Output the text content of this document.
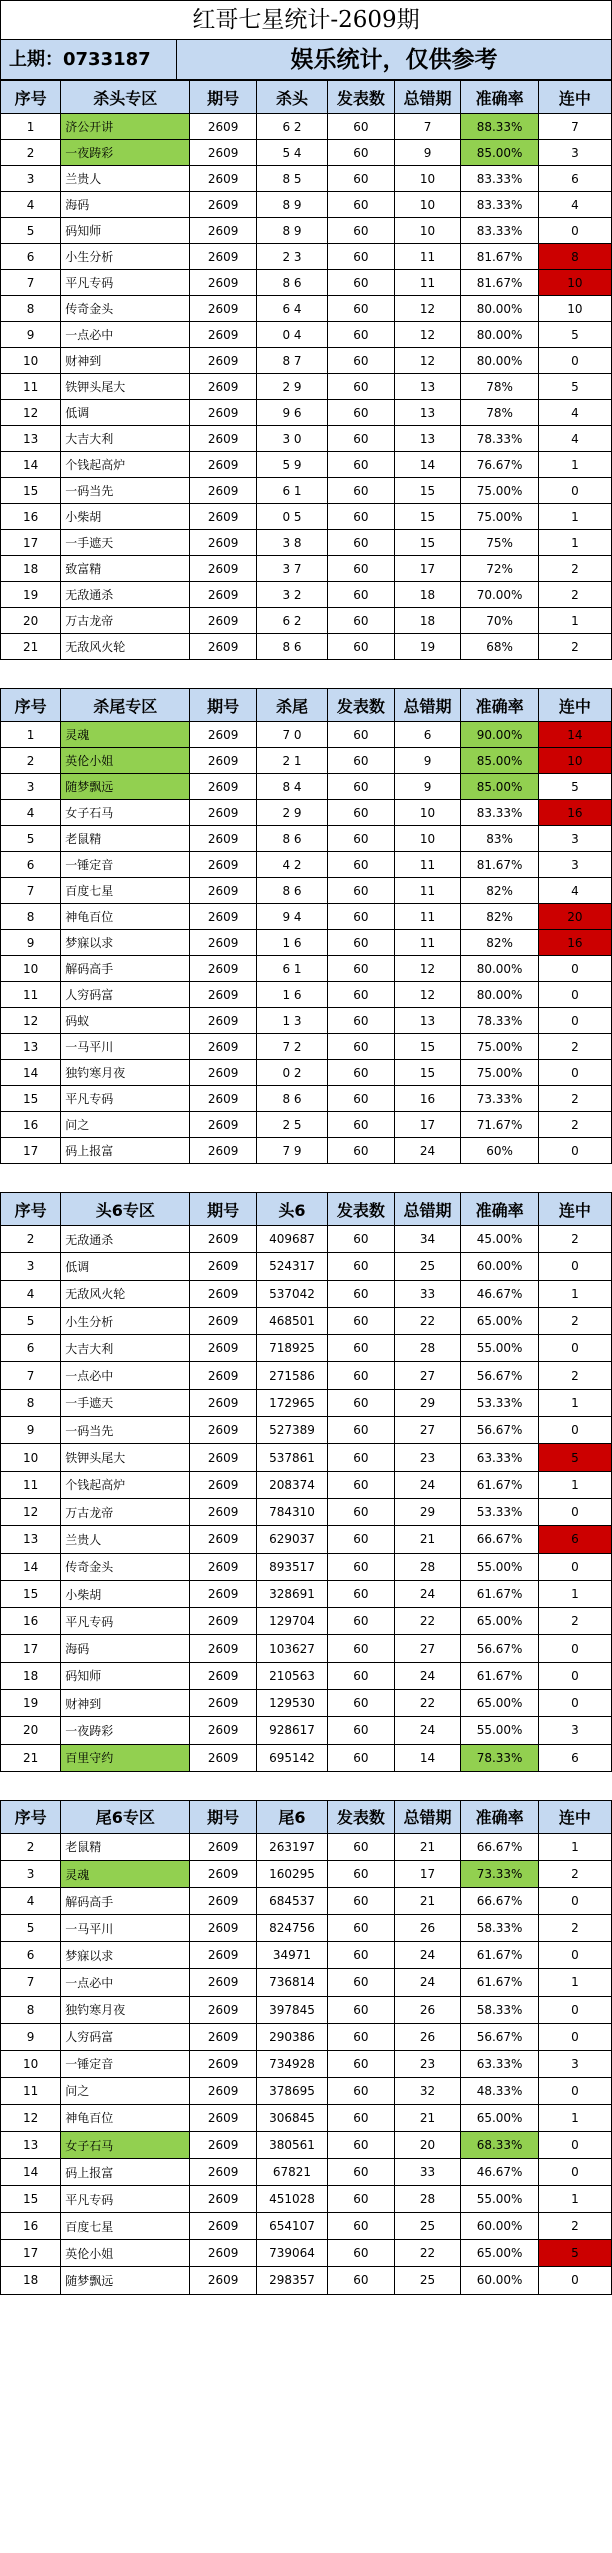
红哥七星统计-2609期
上期：0733187	娱乐统计，仅供参考
序号	杀头专区	期号	杀头	发表数	总错期	准确率	连中
1	济公开讲	2609	6 2	60	7	88.33%	7
2	一夜踌彩	2609	5 4	60	9	85.00%	3
3	兰贵人	2609	8 5	60	10	83.33%	6
4	海码	2609	8 9	60	10	83.33%	4
5	码知师	2609	8 9	60	10	83.33%	0
6	小生分析	2609	2 3	60	11	81.67%	8
7	平凡专码	2609	8 6	60	11	81.67%	10
8	传奇金头	2609	6 4	60	12	80.00%	10
9	一点必中	2609	0 4	60	12	80.00%	5
10	财神到	2609	8 7	60	12	80.00%	0
11	铁钾头尾大	2609	2 9	60	13	78%	5
12	低调	2609	9 6	60	13	78%	4
13	大吉大利	2609	3 0	60	13	78.33%	4
14	个钱起高炉	2609	5 9	60	14	76.67%	1
15	一码当先	2609	6 1	60	15	75.00%	0
16	小柴胡	2609	0 5	60	15	75.00%	1
17	一手遮天	2609	3 8	60	15	75%	1
18	致富精	2609	3 7	60	17	72%	2
19	无敌通杀	2609	3 2	60	18	70.00%	2
20	万古龙帝	2609	6 2	60	18	70%	1
21	无敌风火轮	2609	8 6	60	19	68%	2
序号	杀尾专区	期号	杀尾	发表数	总错期	准确率	连中
1	灵魂	2609	7 0	60	6	90.00%	14
2	英伦小姐	2609	2 1	60	9	85.00%	10
3	随梦飘远	2609	8 4	60	9	85.00%	5
4	女子石马	2609	2 9	60	10	83.33%	16
5	老鼠精	2609	8 6	60	10	83%	3
6	一锤定音	2609	4 2	60	11	81.67%	3
7	百度七星	2609	8 6	60	11	82%	4
8	神龟百位	2609	9 4	60	11	82%	20
9	梦寐以求	2609	1 6	60	11	82%	16
10	解码高手	2609	6 1	60	12	80.00%	0
11	人穷码富	2609	1 6	60	12	80.00%	0
12	码蚁	2609	1 3	60	13	78.33%	0
13	一马平川	2609	7 2	60	15	75.00%	2
14	独钓寒月夜	2609	0 2	60	15	75.00%	0
15	平凡专码	2609	8 6	60	16	73.33%	2
16	问之	2609	2 5	60	17	71.67%	2
17	码上报富	2609	7 9	60	24	60%	0
序号	头6专区	期号	头6	发表数	总错期	准确率	连中
2	无敌通杀	2609	409687	60	34	45.00%	2
3	低调	2609	524317	60	25	60.00%	0
4	无敌风火轮	2609	537042	60	33	46.67%	1
5	小生分析	2609	468501	60	22	65.00%	2
6	大吉大利	2609	718925	60	28	55.00%	0
7	一点必中	2609	271586	60	27	56.67%	2
8	一手遮天	2609	172965	60	29	53.33%	1
9	一码当先	2609	527389	60	27	56.67%	0
10	铁钾头尾大	2609	537861	60	23	63.33%	5
11	个钱起高炉	2609	208374	60	24	61.67%	1
12	万古龙帝	2609	784310	60	29	53.33%	0
13	兰贵人	2609	629037	60	21	66.67%	6
14	传奇金头	2609	893517	60	28	55.00%	0
15	小柴胡	2609	328691	60	24	61.67%	1
16	平凡专码	2609	129704	60	22	65.00%	2
17	海码	2609	103627	60	27	56.67%	0
18	码知师	2609	210563	60	24	61.67%	0
19	财神到	2609	129530	60	22	65.00%	0
20	一夜踌彩	2609	928617	60	24	55.00%	3
21	百里守约	2609	695142	60	14	78.33%	6
序号	尾6专区	期号	尾6	发表数	总错期	准确率	连中
2	老鼠精	2609	263197	60	21	66.67%	1
3	灵魂	2609	160295	60	17	73.33%	2
4	解码高手	2609	684537	60	21	66.67%	0
5	一马平川	2609	824756	60	26	58.33%	2
6	梦寐以求	2609	34971	60	24	61.67%	0
7	一点必中	2609	736814	60	24	61.67%	1
8	独钓寒月夜	2609	397845	60	26	58.33%	0
9	人穷码富	2609	290386	60	26	56.67%	0
10	一锤定音	2609	734928	60	23	63.33%	3
11	问之	2609	378695	60	32	48.33%	0
12	神龟百位	2609	306845	60	21	65.00%	1
13	女子石马	2609	380561	60	20	68.33%	0
14	码上报富	2609	67821	60	33	46.67%	0
15	平凡专码	2609	451028	60	28	55.00%	1
16	百度七星	2609	654107	60	25	60.00%	2
17	英伦小姐	2609	739064	60	22	65.00%	5
18	随梦飘远	2609	298357	60	25	60.00%	0
